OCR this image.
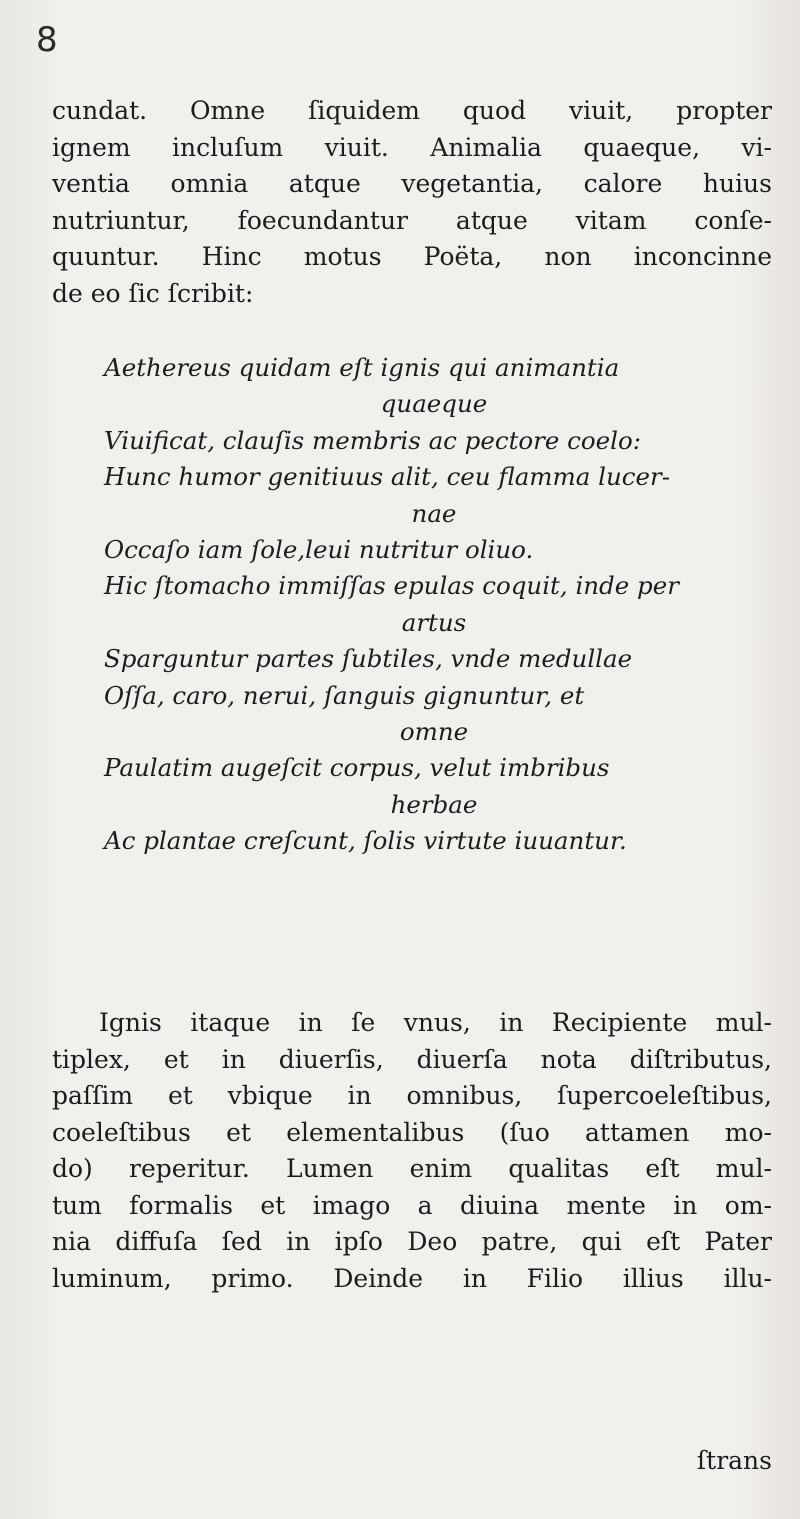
8
cundat. Omne ſiquidem quod viuit, propter
ignem incluſum viuit. Animalia quaeque, vi-
ventia omnia atque vegetantia, calore huius
nutriuntur, foecundantur atque vitam conſe-
quuntur. Hinc motus Poëta, non inconcinne
de eo ſic ſcribit:
Aethereus quidam eſt ignis qui animantia
quaeque
Viuificat, clauſis membris ac pectore coelo:
Hunc humor genitiuus alit, ceu flamma lucer-
nae
Occaſo iam ſole,leui nutritur oliuo.
Hic ſtomacho immiſſas epulas coquit, inde per
artus
Sparguntur partes ſubtiles, vnde medullae
Oſſa, caro, nerui, ſanguis gignuntur, et
omne
Paulatim augeſcit corpus, velut imbribus
herbae
Ac plantae creſcunt, ſolis virtute iuuantur.
Ignis itaque in ſe vnus, in Recipiente mul-
tiplex, et in diuerſis, diuerſa nota diſtributus,
paſſim et vbique in omnibus, ſupercoeleſtibus,
coeleſtibus et elementalibus (ſuo attamen mo-
do) reperitur. Lumen enim qualitas eſt mul-
tum formalis et imago a diuina mente in om-
nia diffuſa ſed in ipſo Deo patre, qui eſt Pater
luminum, primo. Deinde in Filio illius illu-
ſtrans
